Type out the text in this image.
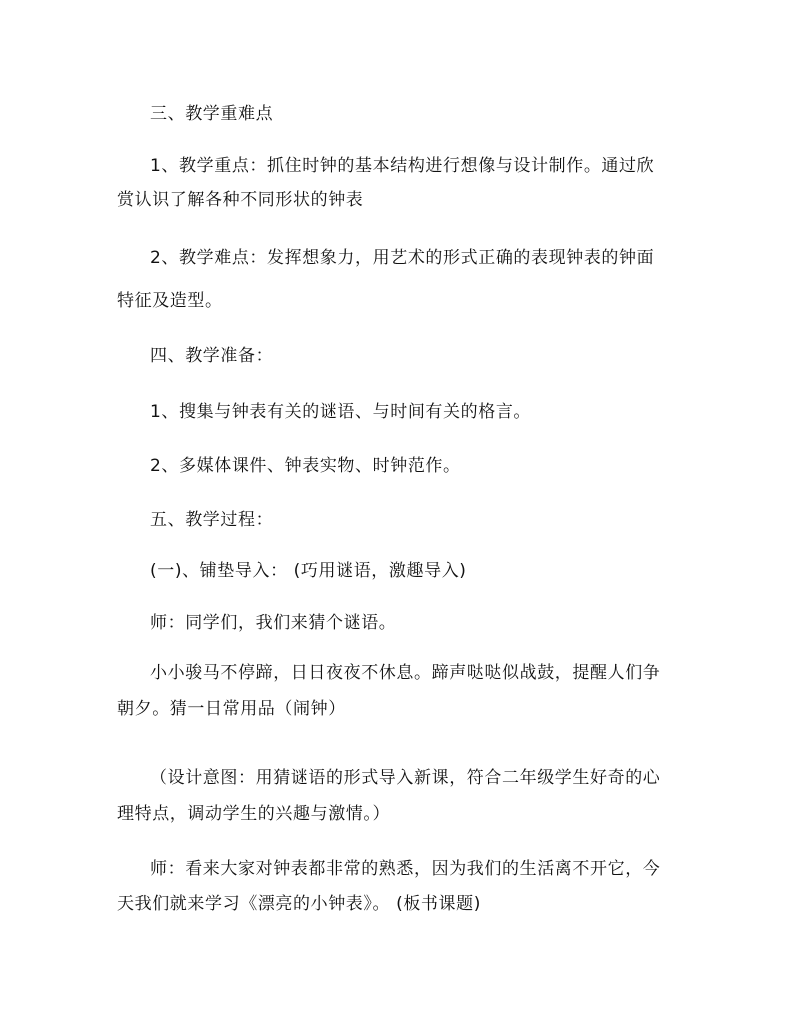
三、教学重难点
1、教学重点：抓住时钟的基本结构进行想像与设计制作。通过欣
赏认识了解各种不同形状的钟表
2、教学难点：发挥想象力，用艺术的形式正确的表现钟表的钟面
特征及造型。
四、教学准备：
1、搜集与钟表有关的谜语、与时间有关的格言。
2、多媒体课件、钟表实物、时钟范作。
五、教学过程：
(一)、铺垫导入： (巧用谜语，激趣导入)
师：同学们，我们来猜个谜语。
小小骏马不停蹄，日日夜夜不休息。蹄声哒哒似战鼓，提醒人们争
朝夕。猜一日常用品（闹钟）
（设计意图：用猜谜语的形式导入新课，符合二年级学生好奇的心
理特点，调动学生的兴趣与激情。）
师：看来大家对钟表都非常的熟悉，因为我们的生活离不开它，今
天我们就来学习《漂亮的小钟表》。 (板书课题)
